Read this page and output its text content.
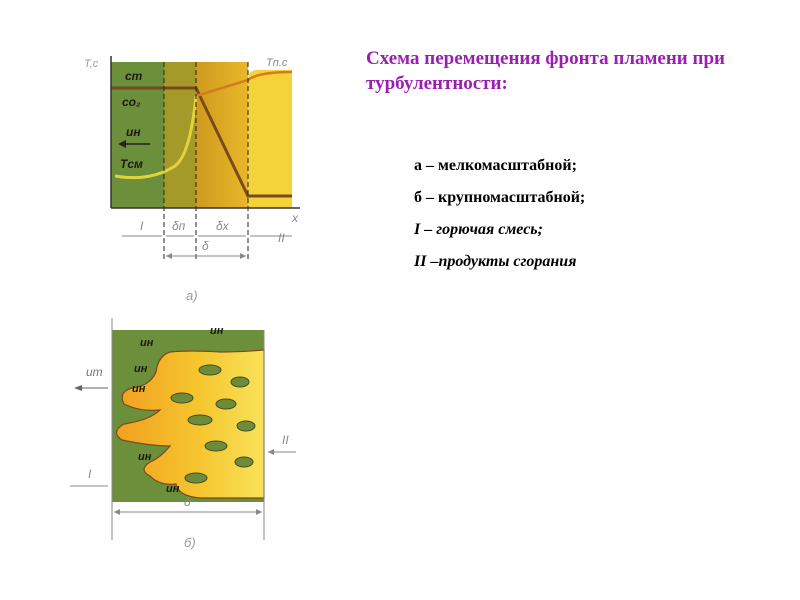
Схема перемещения фронта пламени при турбулентности:
а – мелкомасштабной;
б – крупномасштабной;
I – горючая смесь;
II –продукты сгорания
T,c	Tп.с
cт
co₂
uн
Tсм
x
I δп	δх
II
δ
а)
uт
uн
uн
uн
uн
uн
uн
I
II
δ
б)
